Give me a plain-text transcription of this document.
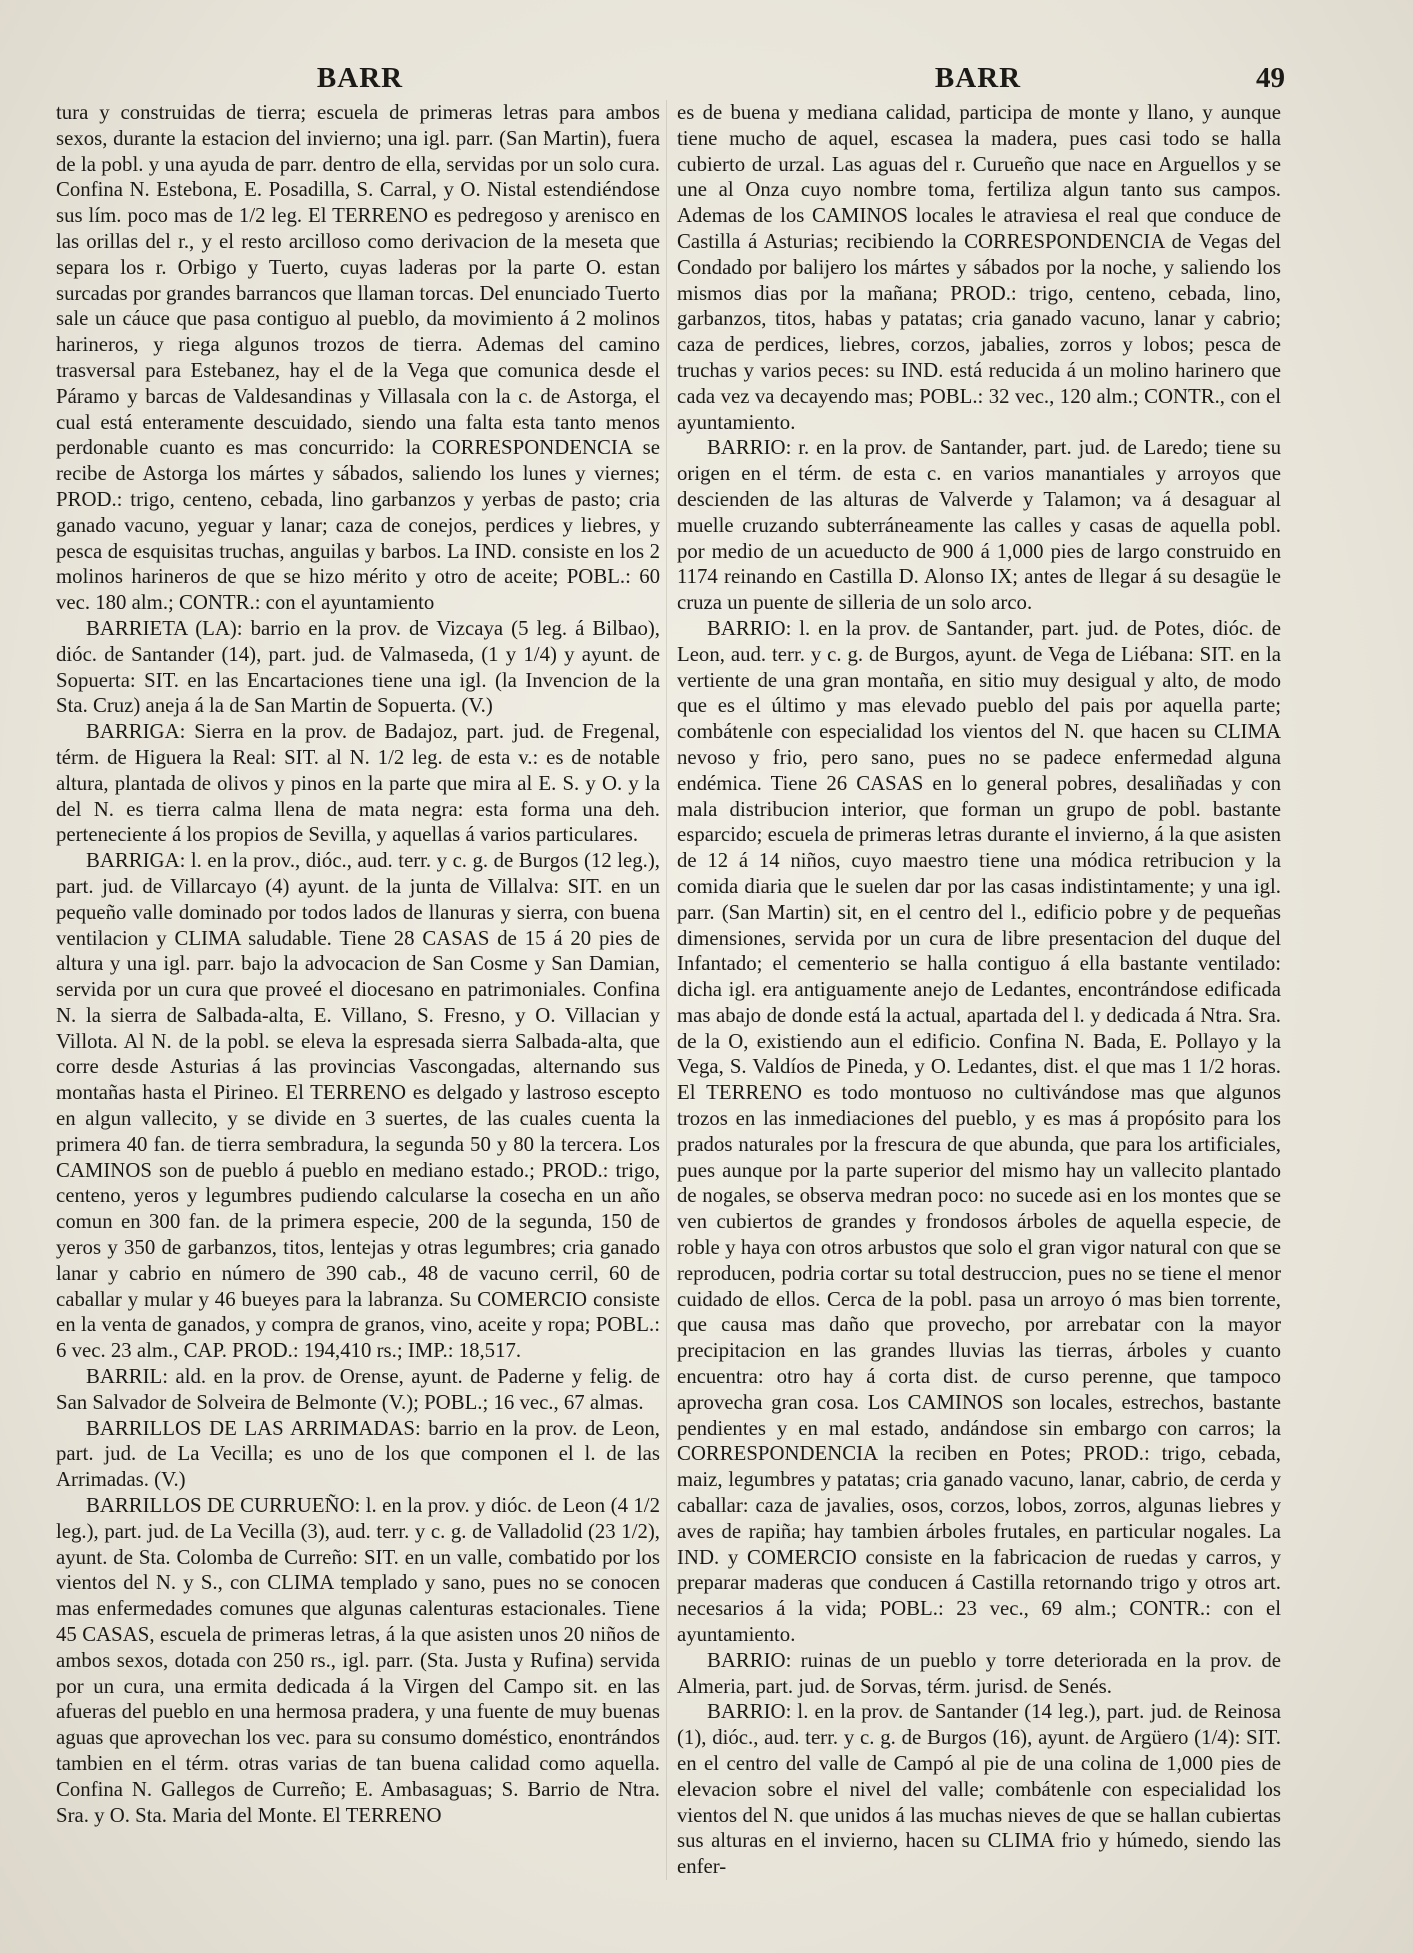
BARR	BARR	49

tura y construidas de tierra; escuela de primeras letras para ambos sexos, durante la estacion del invierno; una igl. parr. (San Martin), fuera de la pobl. y una ayuda de parr. dentro de ella, servidas por un solo cura. Confina N. Estebona, E. Posadilla, S. Carral, y O. Nistal estendiéndose sus lím. poco mas de 1/2 leg. El TERRENO es pedregoso y arenisco en las orillas del r., y el resto arcilloso como derivacion de la meseta que separa los r. Orbigo y Tuerto, cuyas laderas por la parte O. estan surcadas por grandes barrancos que llaman torcas. Del enunciado Tuerto sale un cáuce que pasa contiguo al pueblo, da movimiento á 2 molinos harineros, y riega algunos trozos de tierra. Ademas del camino trasversal para Estebanez, hay el de la Vega que comunica desde el Páramo y barcas de Valdesandinas y Villasala con la c. de Astorga, el cual está enteramente descuidado, siendo una falta esta tanto menos perdonable cuanto es mas concurrido: la CORRESPONDENCIA se recibe de Astorga los mártes y sábados, saliendo los lunes y viernes; PROD.: trigo, centeno, cebada, lino garbanzos y yerbas de pasto; cria ganado vacuno, yeguar y lanar; caza de conejos, perdices y liebres, y pesca de esquisitas truchas, anguilas y barbos. La IND. consiste en los 2 molinos harineros de que se hizo mérito y otro de aceite; POBL.: 60 vec. 180 alm.; CONTR.: con el ayuntamiento

BARRIETA (LA): barrio en la prov. de Vizcaya (5 leg. á Bilbao), dióc. de Santander (14), part. jud. de Valmaseda, (1 y 1/4) y ayunt. de Sopuerta: SIT. en las Encartaciones tiene una igl. (la Invencion de la Sta. Cruz) aneja á la de San Martin de Sopuerta. (V.)

BARRIGA: Sierra en la prov. de Badajoz, part. jud. de Fregenal, térm. de Higuera la Real: SIT. al N. 1/2 leg. de esta v.: es de notable altura, plantada de olivos y pinos en la parte que mira al E. S. y O. y la del N. es tierra calma llena de mata negra: esta forma una deh. perteneciente á los propios de Sevilla, y aquellas á varios particulares.

BARRIGA: l. en la prov., dióc., aud. terr. y c. g. de Burgos (12 leg.), part. jud. de Villarcayo (4) ayunt. de la junta de Villalva: SIT. en un pequeño valle dominado por todos lados de llanuras y sierra, con buena ventilacion y CLIMA saludable. Tiene 28 CASAS de 15 á 20 pies de altura y una igl. parr. bajo la advocacion de San Cosme y San Damian, servida por un cura que proveé el diocesano en patrimoniales. Confina N. la sierra de Salbada-alta, E. Villano, S. Fresno, y O. Villacian y Villota. Al N. de la pobl. se eleva la espresada sierra Salbada-alta, que corre desde Asturias á las provincias Vascongadas, alternando sus montañas hasta el Pirineo. El TERRENO es delgado y lastroso escepto en algun vallecito, y se divide en 3 suertes, de las cuales cuenta la primera 40 fan. de tierra sembradura, la segunda 50 y 80 la tercera. Los CAMINOS son de pueblo á pueblo en mediano estado.; PROD.: trigo, centeno, yeros y legumbres pudiendo calcularse la cosecha en un año comun en 300 fan. de la primera especie, 200 de la segunda, 150 de yeros y 350 de garbanzos, titos, lentejas y otras legumbres; cria ganado lanar y cabrio en número de 390 cab., 48 de vacuno cerril, 60 de caballar y mular y 46 bueyes para la labranza. Su COMERCIO consiste en la venta de ganados, y compra de granos, vino, aceite y ropa; POBL.: 6 vec. 23 alm., CAP. PROD.: 194,410 rs.; IMP.: 18,517.

BARRIL: ald. en la prov. de Orense, ayunt. de Paderne y felig. de San Salvador de Solveira de Belmonte (V.); POBL.; 16 vec., 67 almas.

BARRILLOS DE LAS ARRIMADAS: barrio en la prov. de Leon, part. jud. de La Vecilla; es uno de los que componen el l. de las Arrimadas. (V.)

BARRILLOS DE CURRUEÑO: l. en la prov. y dióc. de Leon (4 1/2 leg.), part. jud. de La Vecilla (3), aud. terr. y c. g. de Valladolid (23 1/2), ayunt. de Sta. Colomba de Curreño: SIT. en un valle, combatido por los vientos del N. y S., con CLIMA templado y sano, pues no se conocen mas enfermedades comunes que algunas calenturas estacionales. Tiene 45 CASAS, escuela de primeras letras, á la que asisten unos 20 niños de ambos sexos, dotada con 250 rs., igl. parr. (Sta. Justa y Rufina) servida por un cura, una ermita dedicada á la Virgen del Campo sit. en las afueras del pueblo en una hermosa pradera, y una fuente de muy buenas aguas que aprovechan los vec. para su consumo doméstico, enontrándos tambien en el térm. otras varias de tan buena calidad como aquella. Confina N. Gallegos de Curreño; E. Ambasaguas; S. Barrio de Ntra. Sra. y O. Sta. Maria del Monte. El TERRENO

es de buena y mediana calidad, participa de monte y llano, y aunque tiene mucho de aquel, escasea la madera, pues casi todo se halla cubierto de urzal. Las aguas del r. Curueño que nace en Arguellos y se une al Onza cuyo nombre toma, fertiliza algun tanto sus campos. Ademas de los CAMINOS locales le atraviesa el real que conduce de Castilla á Asturias; recibiendo la CORRESPONDENCIA de Vegas del Condado por balijero los mártes y sábados por la noche, y saliendo los mismos dias por la mañana; PROD.: trigo, centeno, cebada, lino, garbanzos, titos, habas y patatas; cria ganado vacuno, lanar y cabrio; caza de perdices, liebres, corzos, jabalies, zorros y lobos; pesca de truchas y varios peces: su IND. está reducida á un molino harinero que cada vez va decayendo mas; POBL.: 32 vec., 120 alm.; CONTR., con el ayuntamiento.

BARRIO: r. en la prov. de Santander, part. jud. de Laredo; tiene su origen en el térm. de esta c. en varios manantiales y arroyos que descienden de las alturas de Valverde y Talamon; va á desaguar al muelle cruzando subterráneamente las calles y casas de aquella pobl. por medio de un acueducto de 900 á 1,000 pies de largo construido en 1174 reinando en Castilla D. Alonso IX; antes de llegar á su desagüe le cruza un puente de silleria de un solo arco.

BARRIO: l. en la prov. de Santander, part. jud. de Potes, dióc. de Leon, aud. terr. y c. g. de Burgos, ayunt. de Vega de Liébana: SIT. en la vertiente de una gran montaña, en sitio muy desigual y alto, de modo que es el último y mas elevado pueblo del pais por aquella parte; combátenle con especialidad los vientos del N. que hacen su CLIMA nevoso y frio, pero sano, pues no se padece enfermedad alguna endémica. Tiene 26 CASAS en lo general pobres, desaliñadas y con mala distribucion interior, que forman un grupo de pobl. bastante esparcido; escuela de primeras letras durante el invierno, á la que asisten de 12 á 14 niños, cuyo maestro tiene una módica retribucion y la comida diaria que le suelen dar por las casas indistintamente; y una igl. parr. (San Martin) sit, en el centro del l., edificio pobre y de pequeñas dimensiones, servida por un cura de libre presentacion del duque del Infantado; el cementerio se halla contiguo á ella bastante ventilado: dicha igl. era antiguamente anejo de Ledantes, encontrándose edificada mas abajo de donde está la actual, apartada del l. y dedicada á Ntra. Sra. de la O, existiendo aun el edificio. Confina N. Bada, E. Pollayo y la Vega, S. Valdíos de Pineda, y O. Ledantes, dist. el que mas 1 1/2 horas. El TERRENO es todo montuoso no cultivándose mas que algunos trozos en las inmediaciones del pueblo, y es mas á propósito para los prados naturales por la frescura de que abunda, que para los artificiales, pues aunque por la parte superior del mismo hay un vallecito plantado de nogales, se observa medran poco: no sucede asi en los montes que se ven cubiertos de grandes y frondosos árboles de aquella especie, de roble y haya con otros arbustos que solo el gran vigor natural con que se reproducen, podria cortar su total destruccion, pues no se tiene el menor cuidado de ellos. Cerca de la pobl. pasa un arroyo ó mas bien torrente, que causa mas daño que provecho, por arrebatar con la mayor precipitacion en las grandes lluvias las tierras, árboles y cuanto encuentra: otro hay á corta dist. de curso perenne, que tampoco aprovecha gran cosa. Los CAMINOS son locales, estrechos, bastante pendientes y en mal estado, andándose sin embargo con carros; la CORRESPONDENCIA la reciben en Potes; PROD.: trigo, cebada, maiz, legumbres y patatas; cria ganado vacuno, lanar, cabrio, de cerda y caballar: caza de javalies, osos, corzos, lobos, zorros, algunas liebres y aves de rapiña; hay tambien árboles frutales, en particular nogales. La IND. y COMERCIO consiste en la fabricacion de ruedas y carros, y preparar maderas que conducen á Castilla retornando trigo y otros art. necesarios á la vida; POBL.: 23 vec., 69 alm.; CONTR.: con el ayuntamiento.

BARRIO: ruinas de un pueblo y torre deteriorada en la prov. de Almeria, part. jud. de Sorvas, térm. jurisd. de Senés.

BARRIO: l. en la prov. de Santander (14 leg.), part. jud. de Reinosa (1), dióc., aud. terr. y c. g. de Burgos (16), ayunt. de Argüero (1/4): SIT. en el centro del valle de Campó al pie de una colina de 1,000 pies de elevacion sobre el nivel del valle; combátenle con especialidad los vientos del N. que unidos á las muchas nieves de que se hallan cubiertas sus alturas en el invierno, hacen su CLIMA frio y húmedo, siendo las enfer-
